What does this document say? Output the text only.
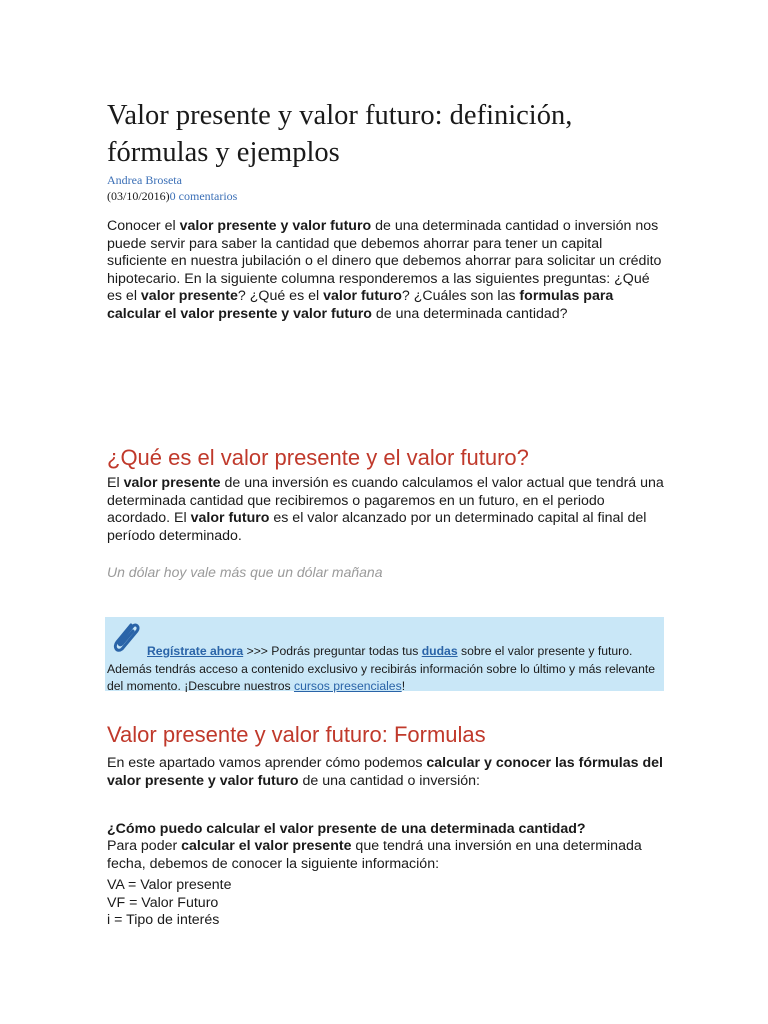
Valor presente y valor futuro: definición, fórmulas y ejemplos
Andrea Broseta
(03/10/2016)0 comentarios

Conocer el valor presente y valor futuro de una determinada cantidad o inversión nos puede servir para saber la cantidad que debemos ahorrar para tener un capital suficiente en nuestra jubilación o el dinero que debemos ahorrar para solicitar un crédito hipotecario. En la siguiente columna responderemos a las siguientes preguntas: ¿Qué es el valor presente? ¿Qué es el valor futuro? ¿Cuáles son las formulas para calcular el valor presente y valor futuro de una determinada cantidad?

¿Qué es el valor presente y el valor futuro?

El valor presente de una inversión es cuando calculamos el valor actual que tendrá una determinada cantidad que recibiremos o pagaremos en un futuro, en el periodo acordado. El valor futuro es el valor alcanzado por un determinado capital al final del período determinado.

Un dólar hoy vale más que un dólar mañana
Regístrate ahora >>> Podrás preguntar todas tus dudas sobre el valor presente y futuro. Además tendrás acceso a contenido exclusivo y recibirás información sobre lo último y más relevante del momento. ¡Descubre nuestros cursos presenciales!
Valor presente y valor futuro: Formulas

En este apartado vamos aprender cómo podemos calcular y conocer las fórmulas del valor presente y valor futuro de una cantidad o inversión:

¿Cómo puedo calcular el valor presente de una determinada cantidad?

Para poder calcular el valor presente que tendrá una inversión en una determinada fecha, debemos de conocer la siguiente información:

VA = Valor presente
VF = Valor Futuro
i = Tipo de interés
